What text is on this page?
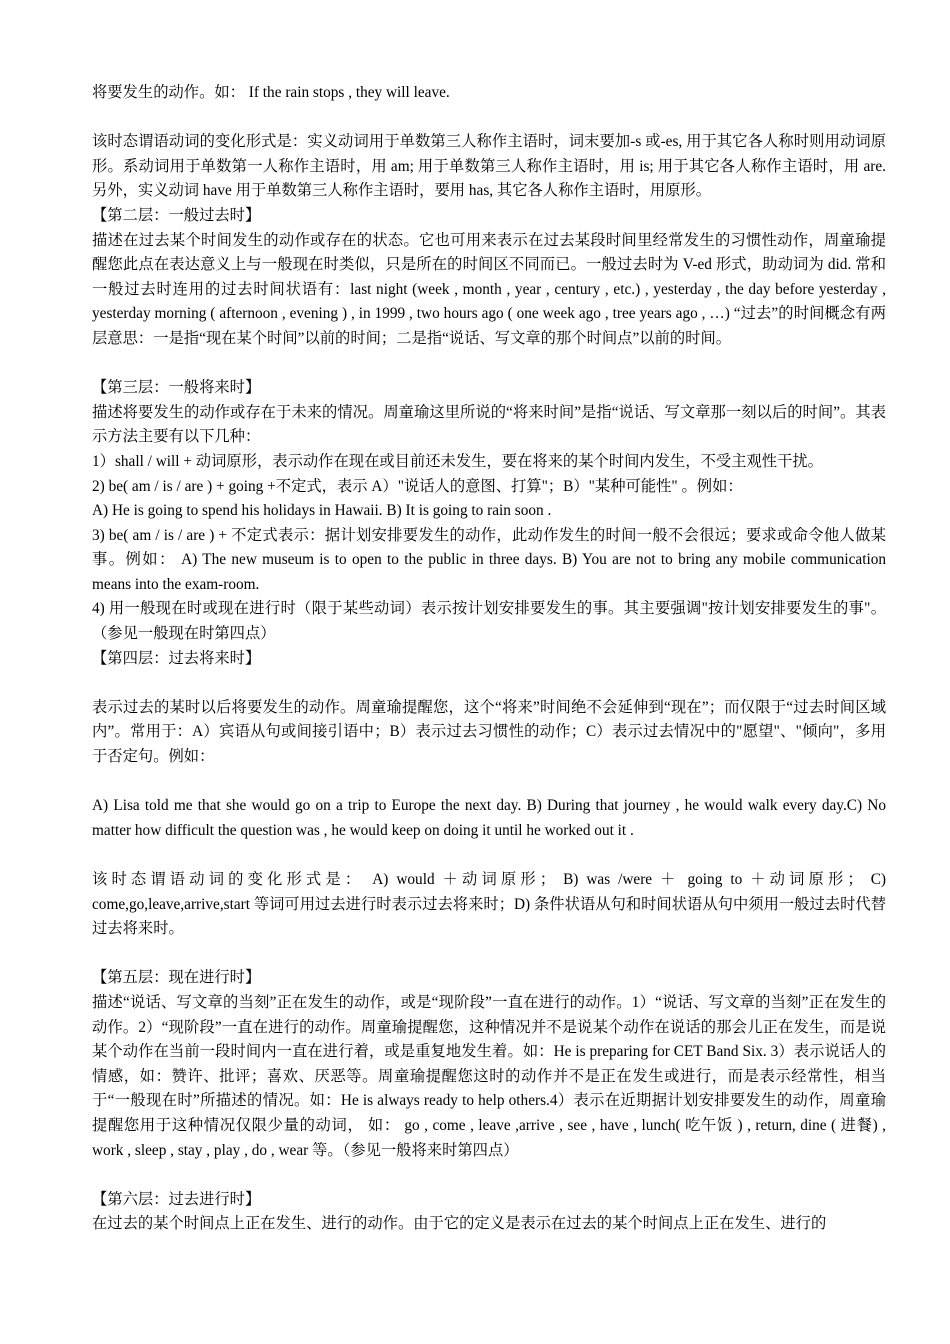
将要发生的动作。如： If the rain stops , they will leave.

该时态谓语动词的变化形式是：实义动词用于单数第三人称作主语时，词末要加-s 或-es, 用于其它各人称时则用动词原形。系动词用于单数第一人称作主语时，用 am; 用于单数第三人称作主语时，用 is; 用于其它各人称作主语时，用 are. 另外，实义动词 have 用于单数第三人称作主语时，要用 has, 其它各人称作主语时，用原形。

【第二层：一般过去时】

描述在过去某个时间发生的动作或存在的状态。它也可用来表示在过去某段时间里经常发生的习惯性动作，周童瑜提醒您此点在表达意义上与一般现在时类似，只是所在的时间区不同而已。一般过去时为 V-ed 形式，助动词为 did. 常和一般过去时连用的过去时间状语有：last night (week , month , year , century , etc.) , yesterday , the day before yesterday , yesterday morning ( afternoon , evening ) , in 1999 , two hours ago ( one week ago , tree years ago , …) “过去”的时间概念有两层意思：一是指“现在某个时间”以前的时间；二是指“说话、写文章的那个时间点”以前的时间。

【第三层：一般将来时】

描述将要发生的动作或存在于未来的情况。周童瑜这里所说的“将来时间”是指“说话、写文章那一刻以后的时间”。其表示方法主要有以下几种：

1）shall / will + 动词原形，表示动作在现在或目前还未发生，要在将来的某个时间内发生，不受主观性干扰。

2) be( am / is / are ) + going +不定式，表示 A）"说话人的意图、打算"；B）"某种可能性" 。例如：

A) He is going to spend his holidays in Hawaii. B) It is going to rain soon .

3) be( am / is / are ) + 不定式表示：据计划安排要发生的动作，此动作发生的时间一般不会很远；要求或命令他人做某事。例如： A) The new museum is to open to the public in three days. B) You are not to bring any mobile communication means into the exam-room.

4) 用一般现在时或现在进行时（限于某些动词）表示按计划安排要发生的事。其主要强调"按计划安排要发生的事"。（参见一般现在时第四点）

【第四层：过去将来时】

表示过去的某时以后将要发生的动作。周童瑜提醒您，这个“将来”时间绝不会延伸到“现在”；而仅限于“过去时间区域内”。常用于：A）宾语从句或间接引语中；B）表示过去习惯性的动作；C）表示过去情况中的"愿望"、"倾向"，多用于否定句。例如：

A) Lisa told me that she would go on a trip to Europe the next day. B) During that journey , he would walk every day.C) No matter how difficult the question was , he would keep on doing it until he worked out it .

该时态谓语动词的变化形式是： A) would ＋动词原形； B) was /were ＋ going to ＋动词原形； C) come,go,leave,arrive,start 等词可用过去进行时表示过去将来时；D) 条件状语从句和时间状语从句中须用一般过去时代替过去将来时。

【第五层：现在进行时】

描述“说话、写文章的当刻”正在发生的动作，或是“现阶段”一直在进行的动作。1）“说话、写文章的当刻”正在发生的动作。2）“现阶段”一直在进行的动作。周童瑜提醒您，这种情况并不是说某个动作在说话的那会儿正在发生，而是说某个动作在当前一段时间内一直在进行着，或是重复地发生着。如：He is preparing for CET Band Six. 3）表示说话人的情感，如：赞许、批评；喜欢、厌恶等。周童瑜提醒您这时的动作并不是正在发生或进行，而是表示经常性，相当于“一般现在时”所描述的情况。如：He is always ready to help others.4）表示在近期据计划安排要发生的动作，周童瑜提醒您用于这种情况仅限少量的动词， 如： go , come , leave ,arrive , see , have , lunch( 吃午饭 ) , return, dine ( 进餐) , work , sleep , stay , play , do , wear 等。（参见一般将来时第四点）

【第六层：过去进行时】

在过去的某个时间点上正在发生、进行的动作。由于它的定义是表示在过去的某个时间点上正在发生、进行的
